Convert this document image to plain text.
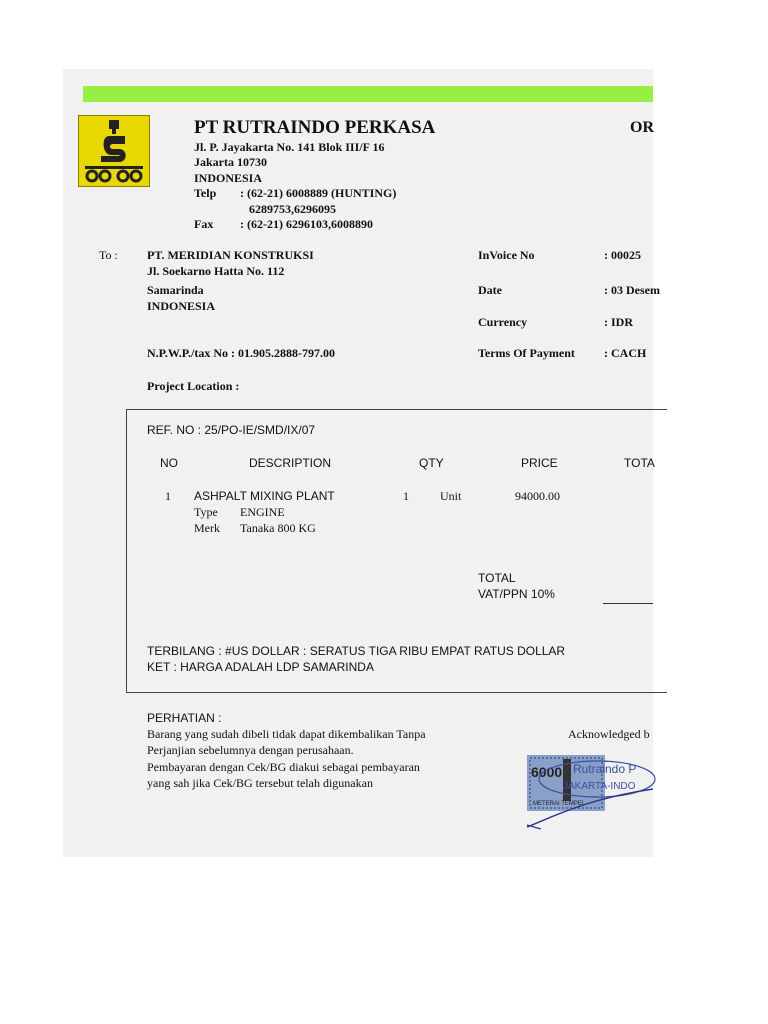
PT RUTRAINDO PERKASA	OR
Jl. P. Jayakarta No. 141 Blok III/F 16
Jakarta 10730
INDONESIA
Telp : (62-21) 6008889 (HUNTING)
6289753,6296095
Fax : (62-21) 6296103,6008890
To : PT. MERIDIAN KONSTRUKSI
Jl. Soekarno Hatta No. 112
Samarinda
INDONESIA
N.P.W.P./tax No : 01.905.2888-797.00
Project Location :
InVoice No	: 00025
Date	: 03 Desem
Currency	: IDR
Terms Of Payment : CACH
REF. NO : 25/PO-IE/SMD/IX/07
NO	DESCRIPTION	QTY	PRICE	TOTA
1 ASHPALT MIXING PLANT	1	Unit	94000.00
Type ENGINE
Merk Tanaka 800 KG
TOTAL
VAT/PPN 10%
TERBILANG : #US DOLLAR : SERATUS TIGA RIBU EMPAT RATUS DOLLAR
KET : HARGA ADALAH LDP SAMARINDA
PERHATIAN :
Barang yang sudah dibeli tidak dapat dikembalikan Tanpa
Perjanjian sebelumnya dengan perusahaan.
Pembayaran dengan Cek/BG diakui sebagai pembayaran
yang sah jika Cek/BG tersebut telah digunakan
Acknowledged b
6000 Rutraindo P
JAKARTA-INDO
METERAI TEMPEL
